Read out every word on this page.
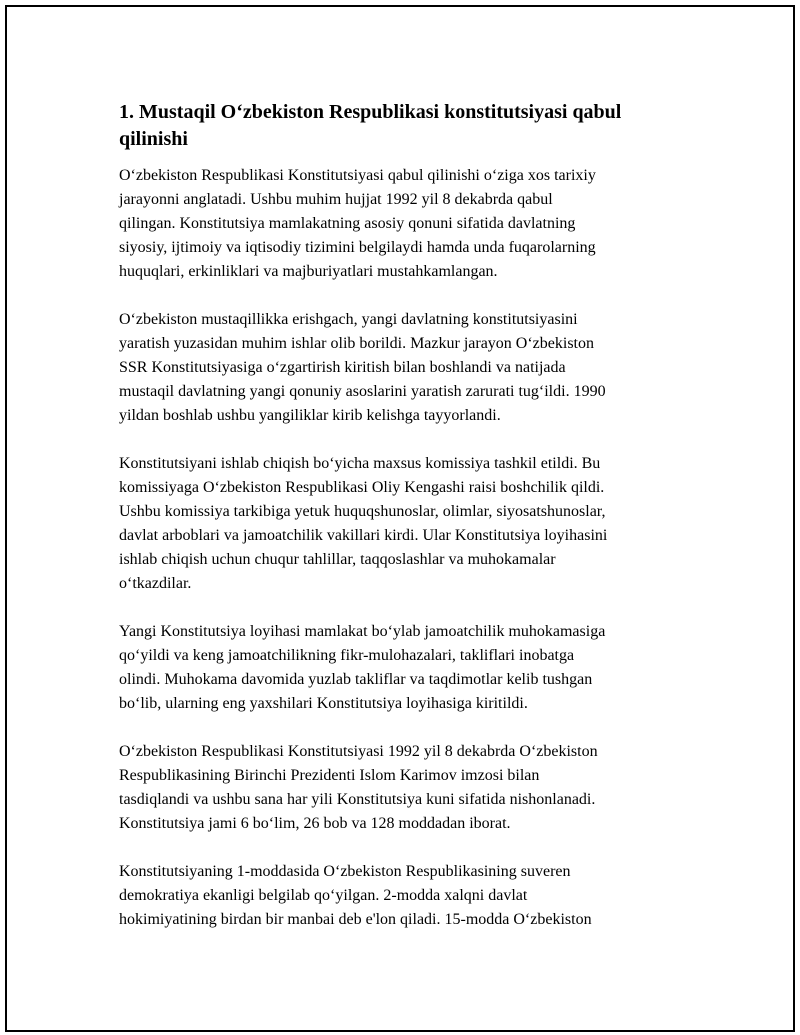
1. Mustaqil O‘zbekiston Respublikasi konstitutsiyasi qabul
qilinishi

O‘zbekiston Respublikasi Konstitutsiyasi qabul qilinishi o‘ziga xos tarixiy
jarayonni anglatadi. Ushbu muhim hujjat 1992 yil 8 dekabrda qabul
qilingan. Konstitutsiya mamlakatning asosiy qonuni sifatida davlatning
siyosiy, ijtimoiy va iqtisodiy tizimini belgilaydi hamda unda fuqarolarning
huquqlari, erkinliklari va majburiyatlari mustahkamlangan.

O‘zbekiston mustaqillikka erishgach, yangi davlatning konstitutsiyasini
yaratish yuzasidan muhim ishlar olib borildi. Mazkur jarayon O‘zbekiston
SSR Konstitutsiyasiga o‘zgartirish kiritish bilan boshlandi va natijada
mustaqil davlatning yangi qonuniy asoslarini yaratish zarurati tug‘ildi. 1990
yildan boshlab ushbu yangiliklar kirib kelishga tayyorlandi.

Konstitutsiyani ishlab chiqish bo‘yicha maxsus komissiya tashkil etildi. Bu
komissiyaga O‘zbekiston Respublikasi Oliy Kengashi raisi boshchilik qildi.
Ushbu komissiya tarkibiga yetuk huquqshunoslar, olimlar, siyosatshunoslar,
davlat arboblari va jamoatchilik vakillari kirdi. Ular Konstitutsiya loyihasini
ishlab chiqish uchun chuqur tahlillar, taqqoslashlar va muhokamalar
o‘tkazdilar.

Yangi Konstitutsiya loyihasi mamlakat bo‘ylab jamoatchilik muhokamasiga
qo‘yildi va keng jamoatchilikning fikr-mulohazalari, takliflari inobatga
olindi. Muhokama davomida yuzlab takliflar va taqdimotlar kelib tushgan
bo‘lib, ularning eng yaxshilari Konstitutsiya loyihasiga kiritildi.

O‘zbekiston Respublikasi Konstitutsiyasi 1992 yil 8 dekabrda O‘zbekiston
Respublikasining Birinchi Prezidenti Islom Karimov imzosi bilan
tasdiqlandi va ushbu sana har yili Konstitutsiya kuni sifatida nishonlanadi.
Konstitutsiya jami 6 bo‘lim, 26 bob va 128 moddadan iborat.

Konstitutsiyaning 1-moddasida O‘zbekiston Respublikasining suveren
demokratiya ekanligi belgilab qo‘yilgan. 2-modda xalqni davlat
hokimiyatining birdan bir manbai deb e'lon qiladi. 15-modda O‘zbekiston
